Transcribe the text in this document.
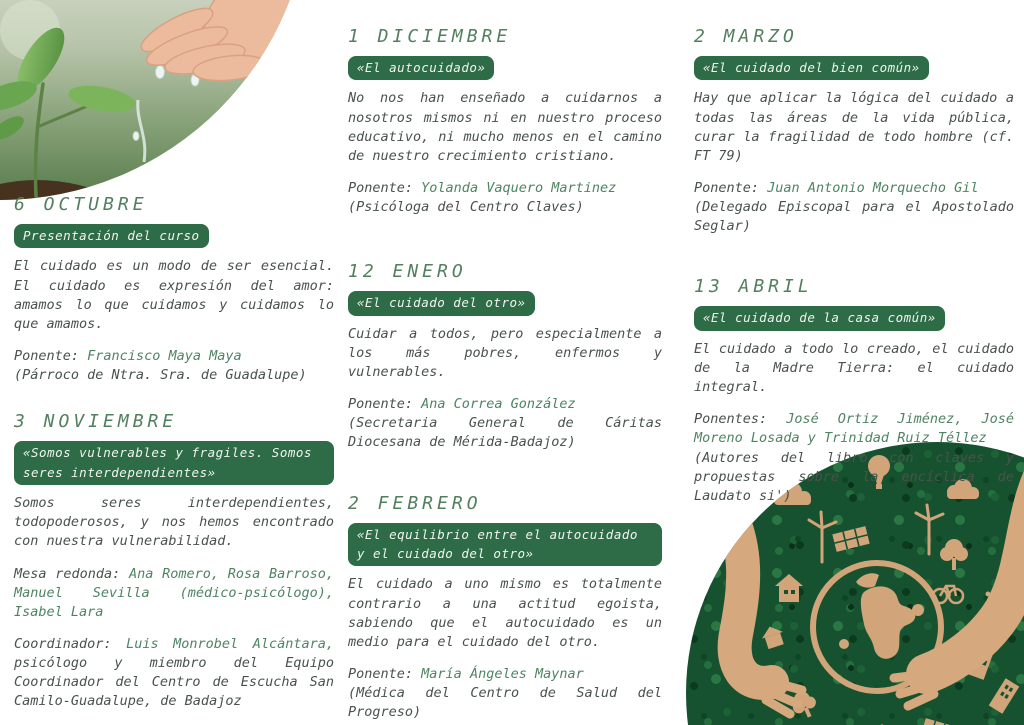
6 OCTUBRE
Presentación del curso

El cuidado es un modo de ser esencial. El cuidado es expresión del amor: amamos lo que cuidamos y cuidamos lo que amamos.

Ponente: Francisco Maya Maya
(Párroco de Ntra. Sra. de Guadalupe)

3 NOVIEMBRE
«Somos vulnerables y fragiles. Somos seres interdependientes»

Somos seres interdependientes, todopoderosos, y nos hemos encontrado con nuestra vulnerabilidad.

Mesa redonda: Ana Romero, Rosa Barroso, Manuel Sevilla (médico-psicólogo), Isabel Lara

Coordinador: Luis Monrobel Alcántara, psicólogo y miembro del Equipo Coordinador del Centro de Escucha San Camilo-Guadalupe, de Badajoz

1 DICIEMBRE
«El autocuidado»

No nos han enseñado a cuidarnos a nosotros mismos ni en nuestro proceso educativo, ni mucho menos en el camino de nuestro crecimiento cristiano.

Ponente: Yolanda Vaquero Martinez
(Psicóloga del Centro Claves)

12 ENERO
«El cuidado del otro»

Cuidar a todos, pero especialmente a los más pobres, enfermos y vulnerables.

Ponente: Ana Correa González
(Secretaria General de Cáritas Diocesana de Mérida-Badajoz)

2 FEBRERO
«El equilibrio entre el autocuidado y el cuidado del otro»

El cuidado a uno mismo es totalmente contrario a una actitud egoista, sabiendo que el autocuidado es un medio para el cuidado del otro.

Ponente: María Ángeles Maynar
(Médica del Centro de Salud del Progreso)

2 MARZO
«El cuidado del bien común»

Hay que aplicar la lógica del cuidado a todas las áreas de la vida pública, curar la fragilidad de todo hombre (cf. FT 79)

Ponente: Juan Antonio Morquecho Gil
(Delegado Episcopal para el Apostolado Seglar)

13 ABRIL
«El cuidado de la casa común»

El cuidado a todo lo creado, el cuidado de la Madre Tierra: el cuidado integral.

Ponentes: José Ortiz Jiménez, José Moreno Losada y Trinidad Ruiz Téllez
(Autores del libro con claves y propuestas sobre la encíclica de Laudato si')
